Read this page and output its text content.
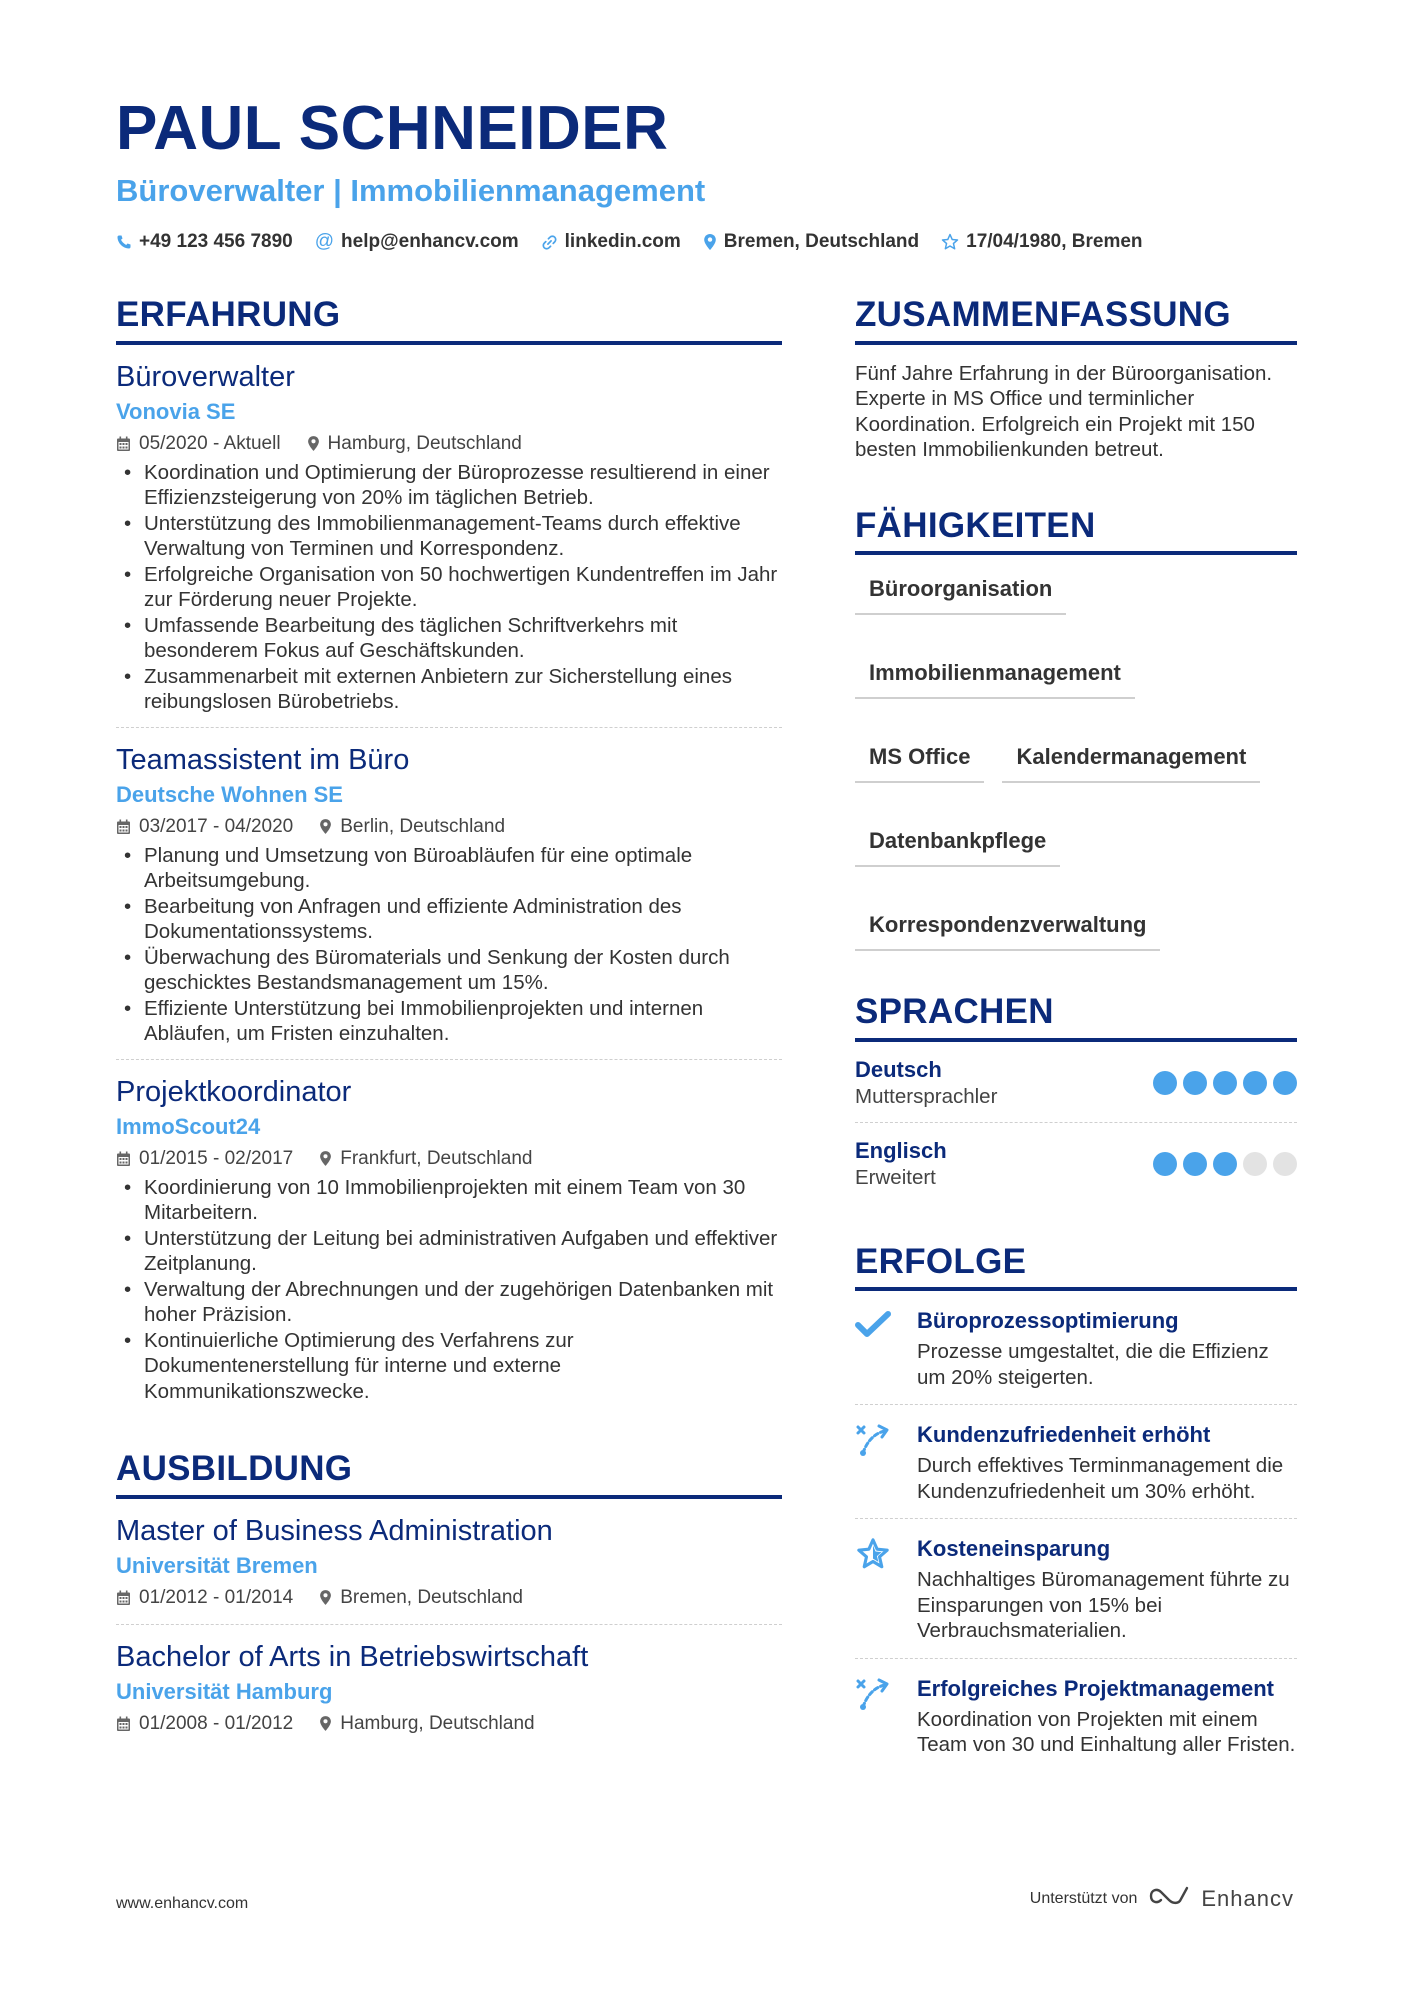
PAUL SCHNEIDER
Büroverwalter | Immobilienmanagement
+49 123 456 7890 @ help@enhancv.com linkedin.com Bremen, Deutschland 17/04/1980, Bremen
ERFAHRUNG
Büroverwalter
Vonovia SE
05/2020 - Aktuell Hamburg, Deutschland
• Koordination und Optimierung der Büroprozesse resultierend in einer Effizienzsteigerung von 20% im täglichen Betrieb.
• Unterstützung des Immobilienmanagement-Teams durch effektive Verwaltung von Terminen und Korrespondenz.
• Erfolgreiche Organisation von 50 hochwertigen Kundentreffen im Jahr zur Förderung neuer Projekte.
• Umfassende Bearbeitung des täglichen Schriftverkehrs mit besonderem Fokus auf Geschäftskunden.
• Zusammenarbeit mit externen Anbietern zur Sicherstellung eines reibungslosen Bürobetriebs.
Teamassistent im Büro
Deutsche Wohnen SE
03/2017 - 04/2020 Berlin, Deutschland
• Planung und Umsetzung von Büroabläufen für eine optimale Arbeitsumgebung.
• Bearbeitung von Anfragen und effiziente Administration des Dokumentationssystems.
• Überwachung des Büromaterials und Senkung der Kosten durch geschicktes Bestandsmanagement um 15%.
• Effiziente Unterstützung bei Immobilienprojekten und internen Abläufen, um Fristen einzuhalten.
Projektkoordinator
ImmoScout24
01/2015 - 02/2017 Frankfurt, Deutschland
• Koordinierung von 10 Immobilienprojekten mit einem Team von 30 Mitarbeitern.
• Unterstützung der Leitung bei administrativen Aufgaben und effektiver Zeitplanung.
• Verwaltung der Abrechnungen und der zugehörigen Datenbanken mit hoher Präzision.
• Kontinuierliche Optimierung des Verfahrens zur Dokumentenerstellung für interne und externe Kommunikationszwecke.
AUSBILDUNG
Master of Business Administration
Universität Bremen
01/2012 - 01/2014 Bremen, Deutschland
Bachelor of Arts in Betriebswirtschaft
Universität Hamburg
01/2008 - 01/2012 Hamburg, Deutschland
ZUSAMMENFASSUNG
Fünf Jahre Erfahrung in der Büroorganisation. Experte in MS Office und terminlicher Koordination. Erfolgreich ein Projekt mit 150 besten Immobilienkunden betreut.
FÄHIGKEITEN
Büroorganisation
Immobilienmanagement
MS Office	Kalendermanagement
Datenbankpflege
Korrespondenzverwaltung
SPRACHEN
Deutsch
Muttersprachler
Englisch
Erweitert
ERFOLGE
Büroprozessoptimierung
Prozesse umgestaltet, die die Effizienz um 20% steigerten.
Kundenzufriedenheit erhöht
Durch effektives Terminmanagement die Kundenzufriedenheit um 30% erhöht.
Kosteneinsparung
Nachhaltiges Büromanagement führte zu Einsparungen von 15% bei Verbrauchsmaterialien.
Erfolgreiches Projektmanagement
Koordination von Projekten mit einem Team von 30 und Einhaltung aller Fristen.
www.enhancv.com	Unterstützt von	Enhancv
